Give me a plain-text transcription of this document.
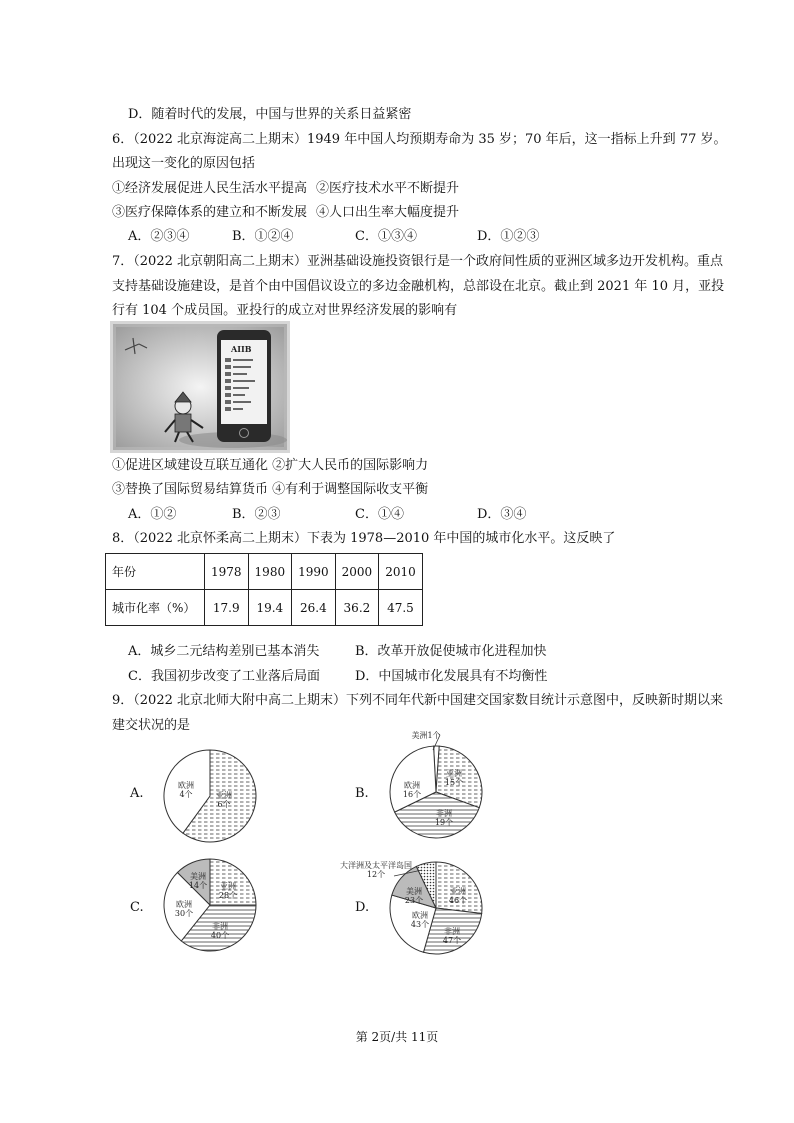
D．随着时代的发展，中国与世界的关系日益紧密
6．（2022 北京海淀高二上期末）1949 年中国人均预期寿命为 35 岁；70 年后，这一指标上升到 77 岁。
出现这一变化的原因包括
①经济发展促进人民生活水平提高 ②医疗技术水平不断提升
③医疗保障体系的建立和不断发展 ④人口出生率大幅度提升
A．②③④	B．①②④	C．①③④	D．①②③
7．（2022 北京朝阳高二上期末）亚洲基础设施投资银行是一个政府间性质的亚洲区域多边开发机构。重点
支持基础设施建设，是首个由中国倡议设立的多边金融机构，总部设在北京。截止到 2021 年 10 月，亚投
行有 104 个成员国。亚投行的成立对世界经济发展的影响有
AIIB
①促进区域建设互联互通化 ②扩大人民币的国际影响力
③替换了国际贸易结算货币 ④有利于调整国际收支平衡
A．①②	B．②③	C．①④	D．③④
8．（2022 北京怀柔高二上期末）下表为 1978—2010 年中国的城市化水平。这反映了
年份	1978	1980	1990	2000	2010
城市化率（%）	17.9	19.4	26.4	36.2	47.5
A．城乡二元结构差别已基本消失	B．改革开放促使城市化进程加快
C．我国初步改变了工业落后局面	D．中国城市化发展具有不均衡性
9．（2022 北京北师大附中高二上期末）下列不同年代新中国建交国家数目统计示意图中，反映新时期以来
建交状况的是
A.	B.
C.	D.
欧洲
4个	亚洲
6个
美洲1个
亚洲
15个
非洲
19个
欧洲
16个
亚洲
28个
非洲
40个
欧洲
30个
美洲
14个
亚洲
46个
非洲
47个
欧洲
43个
美洲
23个
大洋洲及太平洋岛国
12个
第 2页/共 11页
